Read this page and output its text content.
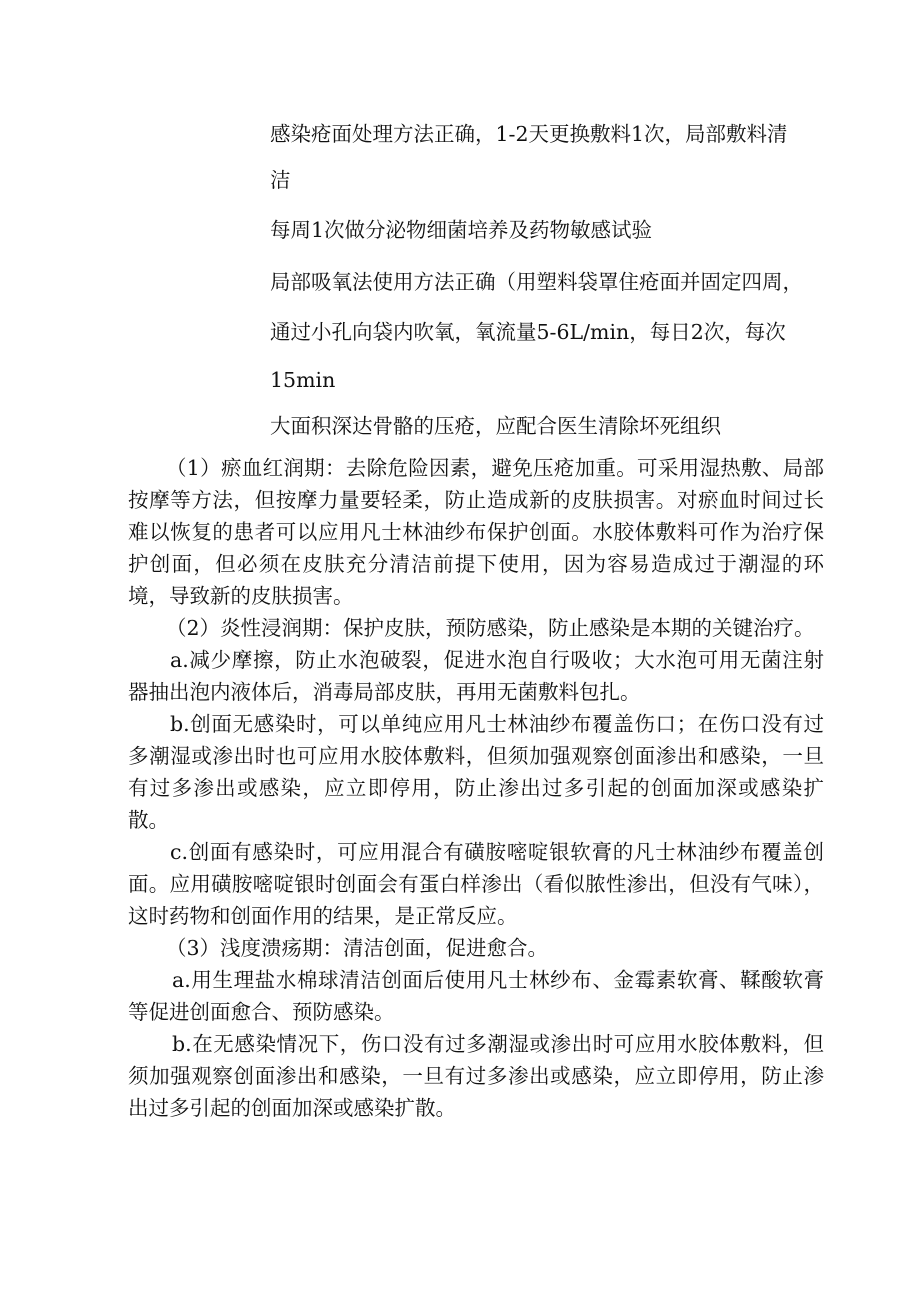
感染疮面处理方法正确，1-2天更换敷料1次，局部敷料清
洁
每周1次做分泌物细菌培养及药物敏感试验
局部吸氧法使用方法正确（用塑料袋罩住疮面并固定四周，
通过小孔向袋内吹氧，氧流量5-6L/min，每日2次，每次
15min
大面积深达骨骼的压疮，应配合医生清除坏死组织

（1）瘀血红润期：去除危险因素，避免压疮加重。可采用湿热敷、局部按摩等方法，但按摩力量要轻柔，防止造成新的皮肤损害。对瘀血时间过长难以恢复的患者可以应用凡士林油纱布保护创面。水胶体敷料可作为治疗保护创面，但必须在皮肤充分清洁前提下使用，因为容易造成过于潮湿的环境，导致新的皮肤损害。

（2）炎性浸润期：保护皮肤，预防感染，防止感染是本期的关键治疗。

a.减少摩擦，防止水泡破裂，促进水泡自行吸收；大水泡可用无菌注射器抽出泡内液体后，消毒局部皮肤，再用无菌敷料包扎。

b.创面无感染时，可以单纯应用凡士林油纱布覆盖伤口；在伤口没有过多潮湿或渗出时也可应用水胶体敷料，但须加强观察创面渗出和感染，一旦有过多渗出或感染，应立即停用，防止渗出过多引起的创面加深或感染扩散。

c.创面有感染时，可应用混合有磺胺嘧啶银软膏的凡士林油纱布覆盖创面。应用磺胺嘧啶银时创面会有蛋白样渗出（看似脓性渗出，但没有气味），这时药物和创面作用的结果，是正常反应。

（3）浅度溃疡期：清洁创面，促进愈合。

a.用生理盐水棉球清洁创面后使用凡士林纱布、金霉素软膏、鞣酸软膏等促进创面愈合、预防感染。

b.在无感染情况下，伤口没有过多潮湿或渗出时可应用水胶体敷料，但须加强观察创面渗出和感染，一旦有过多渗出或感染，应立即停用，防止渗出过多引起的创面加深或感染扩散。
